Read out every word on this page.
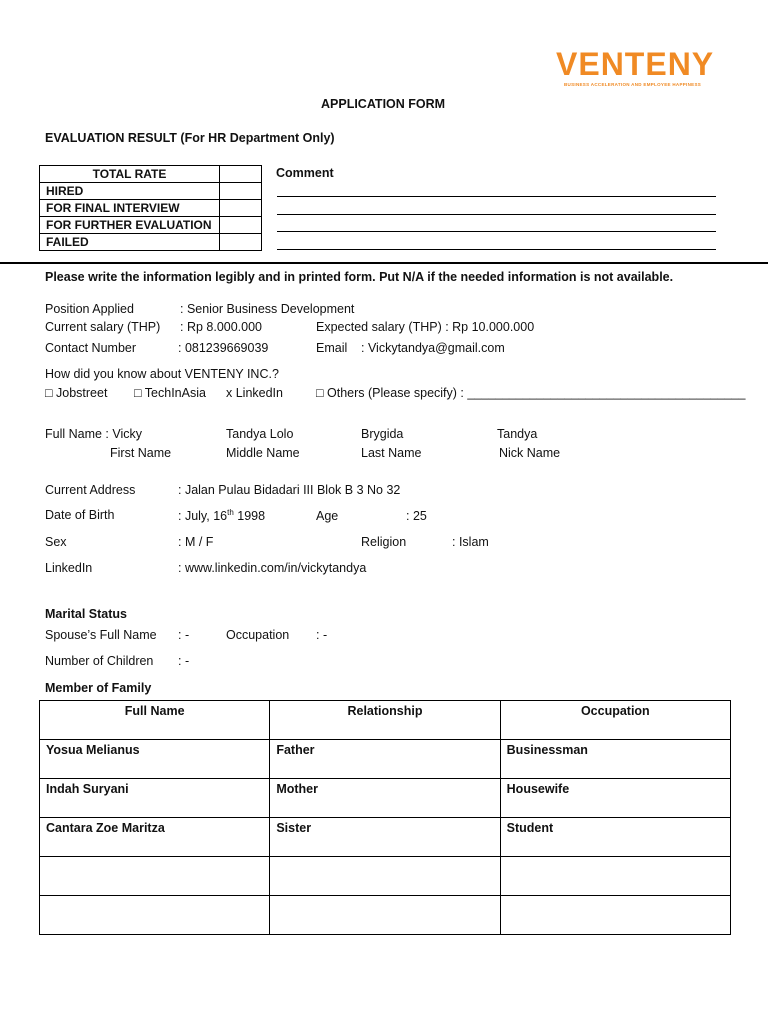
VENTENY
BUSINESS ACCELERATION AND EMPLOYEE HAPPINESS
APPLICATION FORM
EVALUATION RESULT (For HR Department Only)
TOTAL RATE	
HIRED	
FOR FINAL INTERVIEW	
FOR FURTHER EVALUATION	
FAILED	
Comment
Please write the information legibly and in printed form. Put N/A if the needed information is not available.
Position Applied	: Senior Business Development
Current salary (THP) : Rp 8.000.000	Expected salary (THP) : Rp 10.000.000
Contact Number	: 081239669039	Email : Vickytandya@gmail.com
How did you know about VENTENY INC.?
□ Jobstreet □ TechInAsia x LinkedIn	□ Others (Please specify) : ________________________________________
Full Name : Vicky	Tandya Lolo	Brygida	Tandya
First Name	Middle Name	Last Name	Nick Name
Current Address	: Jalan Pulau Bidadari III Blok B 3 No 32
Date of Birth	: July, 16th 1998	Age	: 25
Sex	: M / F	Religion	: Islam
LinkedIn	: www.linkedin.com/in/vickytandya
Marital Status
Spouse’s Full Name : -	Occupation : -
Number of Children : -
Member of Family
Full Name	Relationship	Occupation
Yosua Melianus	Father	Businessman
Indah Suryani	Mother	Housewife
Cantara Zoe Maritza	Sister	Student
